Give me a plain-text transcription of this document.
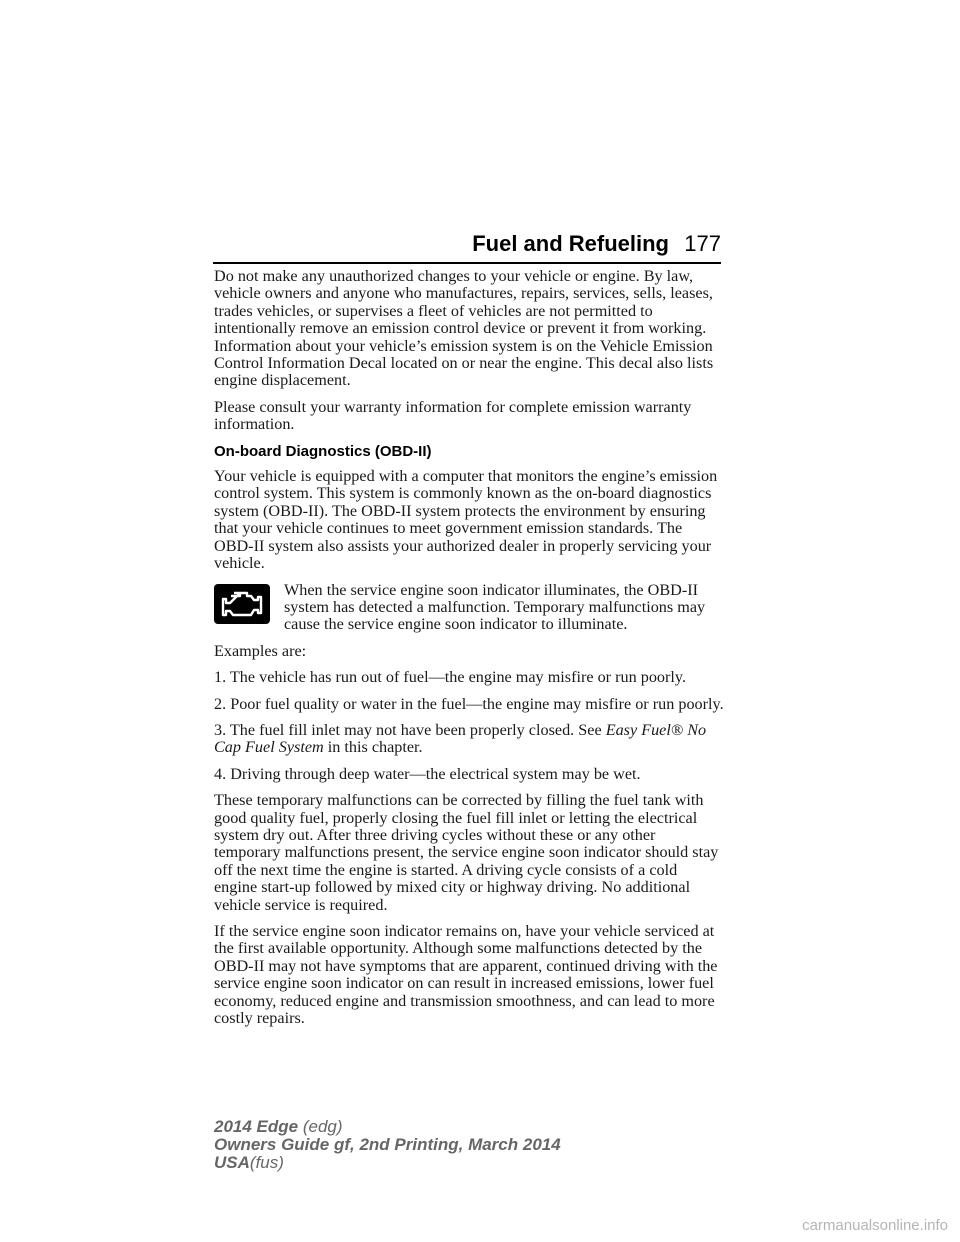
Fuel and Refueling 177

Do not make any unauthorized changes to your vehicle or engine. By law, vehicle owners and anyone who manufactures, repairs, services, sells, leases, trades vehicles, or supervises a fleet of vehicles are not permitted to intentionally remove an emission control device or prevent it from working. Information about your vehicle’s emission system is on the Vehicle Emission Control Information Decal located on or near the engine. This decal also lists engine displacement.

Please consult your warranty information for complete emission warranty information.

On-board Diagnostics (OBD-II)

Your vehicle is equipped with a computer that monitors the engine’s emission control system. This system is commonly known as the on-board diagnostics system (OBD-II). The OBD-II system protects the environment by ensuring that your vehicle continues to meet government emission standards. The OBD-II system also assists your authorized dealer in properly servicing your vehicle.

When the service engine soon indicator illuminates, the OBD-II system has detected a malfunction. Temporary malfunctions may cause the service engine soon indicator to illuminate.

Examples are:

1. The vehicle has run out of fuel—the engine may misfire or run poorly.

2. Poor fuel quality or water in the fuel—the engine may misfire or run poorly.

3. The fuel fill inlet may not have been properly closed. See Easy Fuel® No Cap Fuel System in this chapter.

4. Driving through deep water—the electrical system may be wet.

These temporary malfunctions can be corrected by filling the fuel tank with good quality fuel, properly closing the fuel fill inlet or letting the electrical system dry out. After three driving cycles without these or any other temporary malfunctions present, the service engine soon indicator should stay off the next time the engine is started. A driving cycle consists of a cold engine start-up followed by mixed city or highway driving. No additional vehicle service is required.

If the service engine soon indicator remains on, have your vehicle serviced at the first available opportunity. Although some malfunctions detected by the OBD-II may not have symptoms that are apparent, continued driving with the service engine soon indicator on can result in increased emissions, lower fuel economy, reduced engine and transmission smoothness, and can lead to more costly repairs.

2014 Edge (edg)
Owners Guide gf, 2nd Printing, March 2014
USA(fus)
carmanualsonline.info
